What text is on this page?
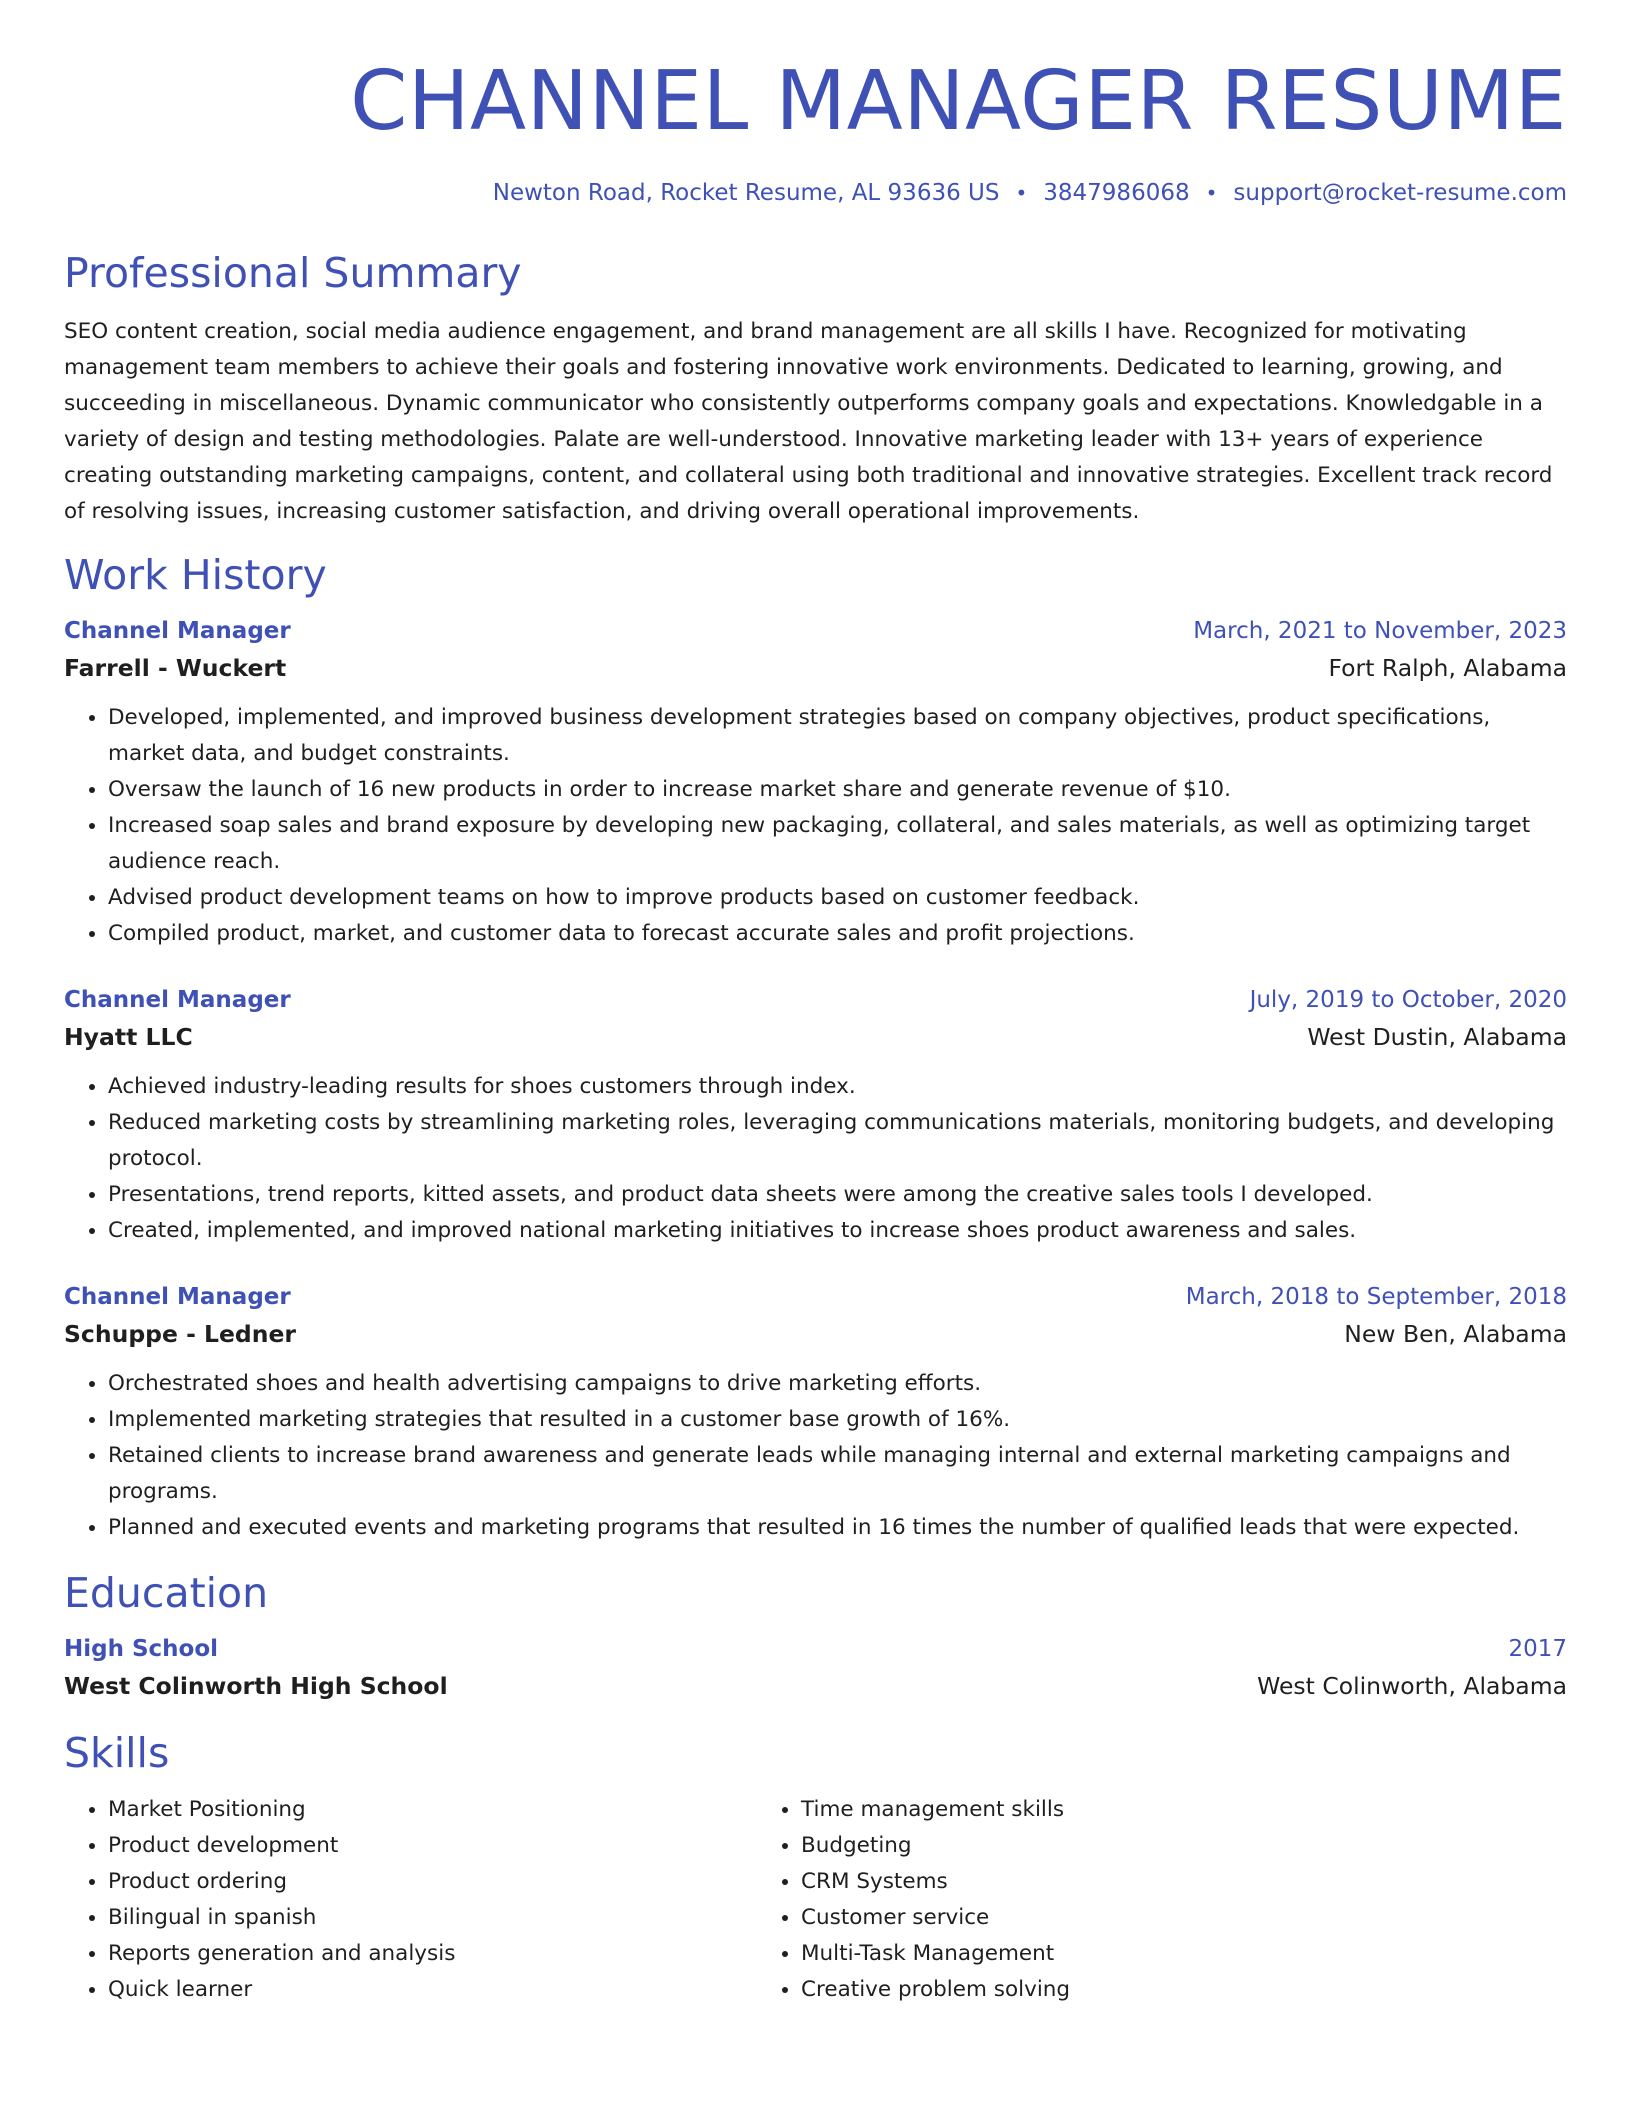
CHANNEL MANAGER RESUME
Newton Road, Rocket Resume, AL 93636 US • 3847986068 • support@rocket-resume.com
Professional Summary
SEO content creation, social media audience engagement, and brand management are all skills I have. Recognized for motivating management team members to achieve their goals and fostering innovative work environments. Dedicated to learning, growing, and succeeding in miscellaneous. Dynamic communicator who consistently outperforms company goals and expectations. Knowledgable in a variety of design and testing methodologies. Palate are well-understood. Innovative marketing leader with 13+ years of experience creating outstanding marketing campaigns, content, and collateral using both traditional and innovative strategies. Excellent track record of resolving issues, increasing customer satisfaction, and driving overall operational improvements.
Work History
Channel Manager	March, 2021 to November, 2023
Farrell - Wuckert	Fort Ralph, Alabama
• Developed, implemented, and improved business development strategies based on company objectives, product specifications, market data, and budget constraints.
• Oversaw the launch of 16 new products in order to increase market share and generate revenue of $10.
• Increased soap sales and brand exposure by developing new packaging, collateral, and sales materials, as well as optimizing target audience reach.
• Advised product development teams on how to improve products based on customer feedback.
• Compiled product, market, and customer data to forecast accurate sales and profit projections.
Channel Manager	July, 2019 to October, 2020
Hyatt LLC	West Dustin, Alabama
• Achieved industry-leading results for shoes customers through index.
• Reduced marketing costs by streamlining marketing roles, leveraging communications materials, monitoring budgets, and developing protocol.
• Presentations, trend reports, kitted assets, and product data sheets were among the creative sales tools I developed.
• Created, implemented, and improved national marketing initiatives to increase shoes product awareness and sales.
Channel Manager	March, 2018 to September, 2018
Schuppe - Ledner	New Ben, Alabama
• Orchestrated shoes and health advertising campaigns to drive marketing efforts.
• Implemented marketing strategies that resulted in a customer base growth of 16%.
• Retained clients to increase brand awareness and generate leads while managing internal and external marketing campaigns and programs.
• Planned and executed events and marketing programs that resulted in 16 times the number of qualified leads that were expected.
Education
High School	2017
West Colinworth High School	West Colinworth, Alabama
Skills
• Market Positioning
• Product development
• Product ordering
• Bilingual in spanish
• Reports generation and analysis
• Quick learner
• Time management skills
• Budgeting
• CRM Systems
• Customer service
• Multi-Task Management
• Creative problem solving
